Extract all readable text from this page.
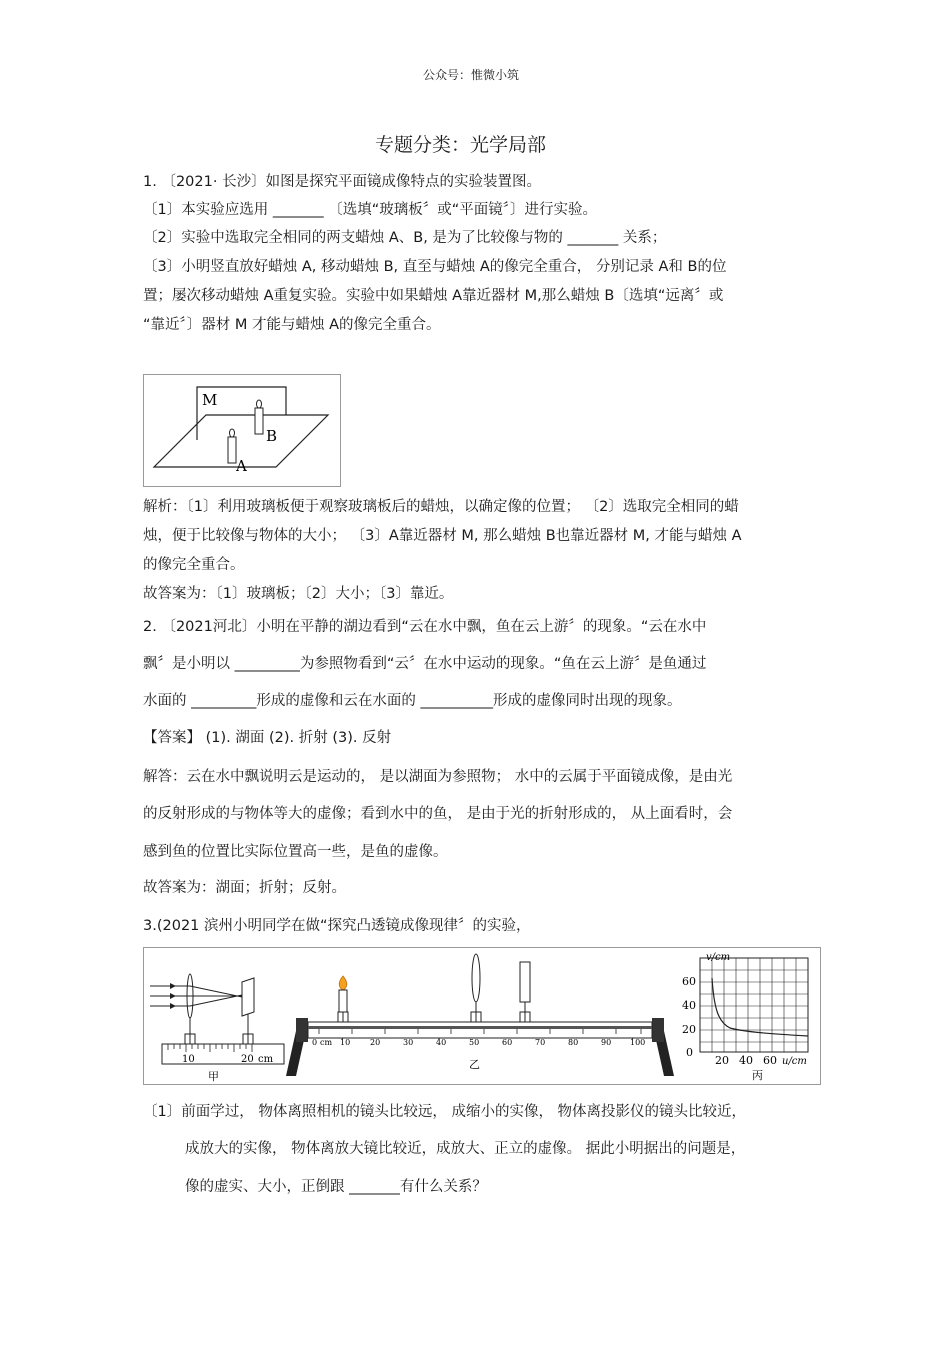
公众号：惟微小筑
专题分类：光学局部
1. 〔2021· 长沙〕如图是探究平面镜成像特点的实验装置图。
〔1〕本实验应选用 _______ 〔选填“玻璃板〞或“平面镜〞〕进行实验。
〔2〕实验中选取完全相同的两支蜡烛 A、B, 是为了比较像与物的 _______ 关系；
〔3〕小明竖直放好蜡烛 A, 移动蜡烛 B, 直至与蜡烛 A的像完全重合， 分别记录 A和 B的位
置；屡次移动蜡烛 A重复实验。实验中如果蜡烛 A靠近器材 M,那么蜡烛 B〔选填“远离〞或
“靠近〞〕器材 M 才能与蜡烛 A的像完全重合。
M
B
A
解析：〔1〕利用玻璃板便于观察玻璃板后的蜡烛，以确定像的位置； 〔2〕选取完全相同的蜡
烛，便于比较像与物体的大小； 〔3〕A靠近器材 M, 那么蜡烛 B也靠近器材 M, 才能与蜡烛 A
的像完全重合。
故答案为：〔1〕玻璃板；〔2〕大小；〔3〕靠近。
2. 〔2021河北〕小明在平静的湖边看到“云在水中飘，鱼在云上游〞的现象。“云在水中
飘〞是小明以 _________为参照物看到“云〞在水中运动的现象。“鱼在云上游〞是鱼通过
水面的 _________形成的虚像和云在水面的 __________形成的虚像同时出现的现象。
【答案】 (1). 湖面 (2). 折射 (3). 反射
解答：云在水中飘说明云是运动的， 是以湖面为参照物； 水中的云属于平面镜成像，是由光
的反射形成的与物体等大的虚像；看到水中的鱼， 是由于光的折射形成的， 从上面看时，会
感到鱼的位置比实际位置高一些，是鱼的虚像。
故答案为：湖面；折射；反射。
3.(2021 滨州小明同学在做“探究凸透镜成像现律〞的实验，
10	20 cm
甲
0 cm 10 20	30	40	50	60	70	80	90 100
乙
v/cm
60
40
20
0
20 40 60 u/cm
丙
〔1〕前面学过， 物体离照相机的镜头比较远， 成缩小的实像， 物体离投影仪的镜头比较近，
成放大的实像， 物体离放大镜比较近，成放大、正立的虚像。 据此小明据出的问题是，
像的虚实、大小，正倒跟 _______有什么关系？
